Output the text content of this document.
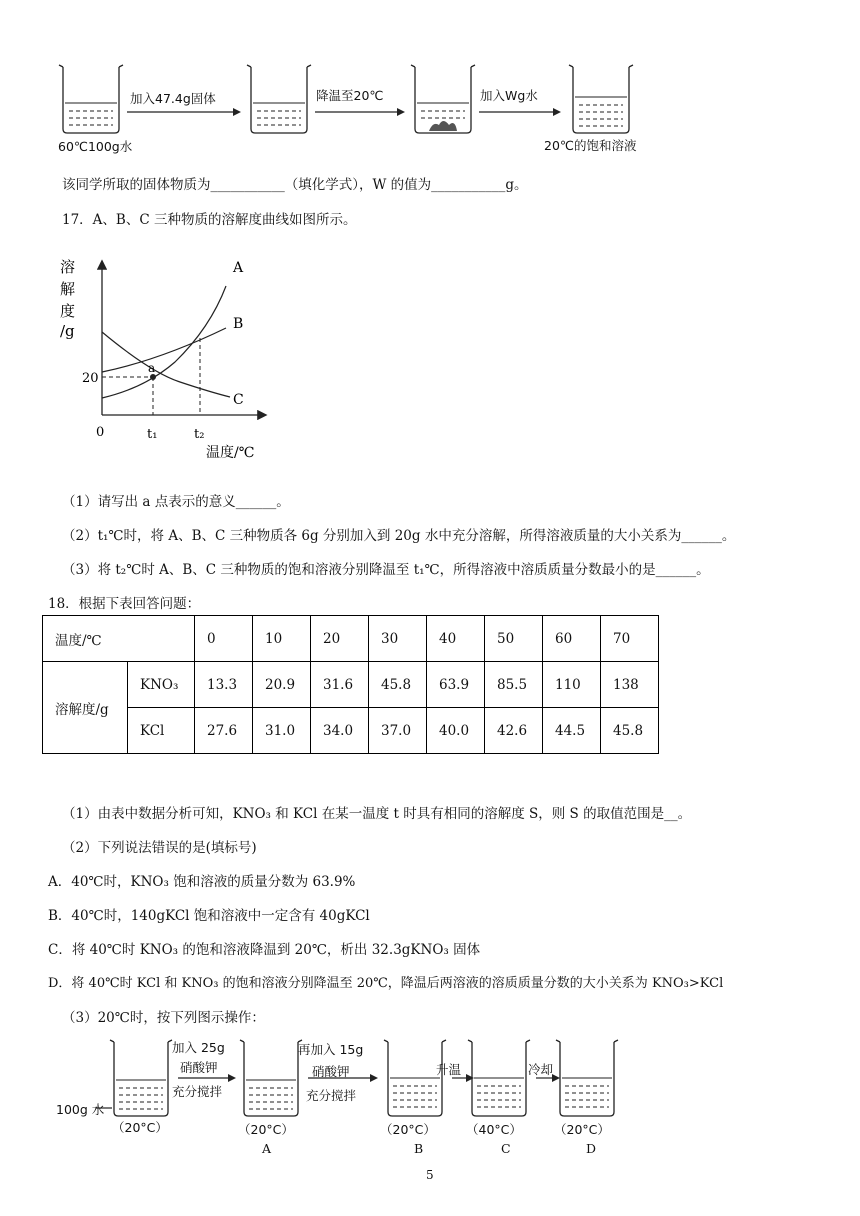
加入47.4g固体	降温至20℃	加入Wg水
60℃100g水	20℃的饱和溶液
该同学所取的固体物质为___________（填化学式），W 的值为___________g。
17．A、B、C 三种物质的溶解度曲线如图所示。
溶
解
度
/g
20
0	t₁	t₂
a
A
B
C
温度/℃
（1）请写出 a 点表示的意义______。
（2）t₁℃时，将 A、B、C 三种物质各 6g 分别加入到 20g 水中充分溶解，所得溶液质量的大小关系为______。
（3）将 t₂℃时 A、B、C 三种物质的饱和溶液分别降温至 t₁℃，所得溶液中溶质质量分数最小的是______。
18．根据下表回答问题：
温度/℃		0	10	20	30	40	50	60	70
溶解度/g	KNO₃	13.3	20.9	31.6	45.8	63.9	85.5	110	138
	KCl	27.6	31.0	34.0	37.0	40.0	42.6	44.5	45.8
（1）由表中数据分析可知，KNO₃ 和 KCl 在某一温度 t 时具有相同的溶解度 S，则 S 的取值范围是__。
（2）下列说法错误的是(填标号)
A．40℃时，KNO₃ 饱和溶液的质量分数为 63.9%
B．40℃时，140gKCl 饱和溶液中一定含有 40gKCl
C．将 40℃时 KNO₃ 的饱和溶液降温到 20℃，析出 32.3gKNO₃ 固体
D．将 40℃时 KCl 和 KNO₃ 的饱和溶液分别降温至 20℃，降温后两溶液的溶质质量分数的大小关系为 KNO₃>KCl
（3）20℃时，按下列图示操作：
100g 水
加入 25g
硝酸钾
充分搅拌
再加入 15g
硝酸钾
充分搅拌
升温	冷却
（20°C）	（20°C）	（20°C） （40°C）	（20°C）
A	B	C	D
5
